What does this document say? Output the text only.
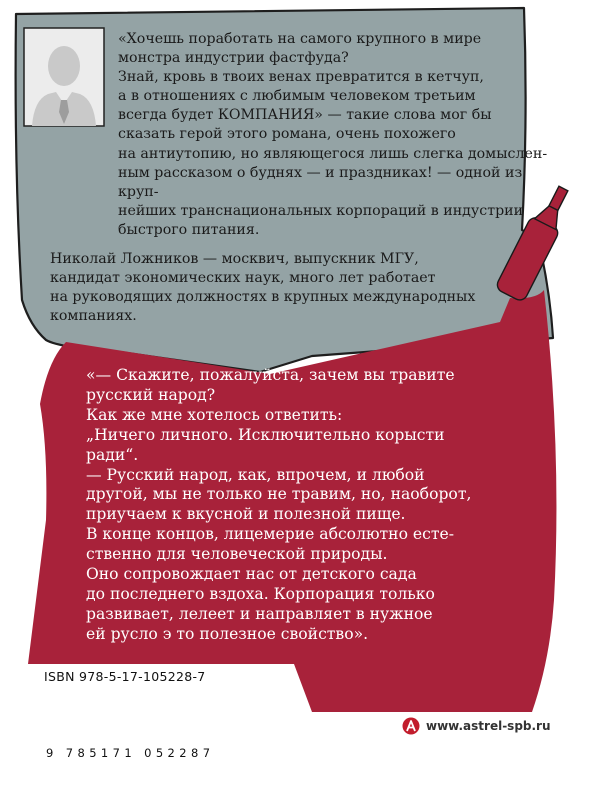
«Хочешь поработать на самого крупного в мире
монстра индустрии фастфуда?
Знай, кровь в твоих венах превратится в кетчуп,
а в отношениях с любимым человеком третьим
всегда будет КОМПАНИЯ» — такие слова мог бы
сказать герой этого романа, очень похожего
на антиутопию, но являющегося лишь слегка домыслен-
ным рассказом о буднях — и праздниках! — одной из круп-
нейших транснациональных корпораций в индустрии
быстрого питания.

Николай Ложников — москвич, выпускник МГУ,
кандидат экономических наук, много лет работает
на руководящих должностях в крупных международных
компаниях.

«— Скажите, пожалуйста, зачем вы травите

русский народ?

Как же мне хотелось ответить:

„Ничего личного. Исключительно корысти

ради“.

— Русский народ, как, впрочем, и любой

другой, мы не только не травим, но, наоборот,

приучаем к вкусной и полезной пище.

В конце концов, лицемерие абсолютно есте-

ственно для человеческой природы.

Оно сопровождает нас от детского сада

до последнего вздоха. Корпорация только

развивает, лелеет и направляет в нужное

ей русло э то полезное свойство».

ISBN 978-5-17-105228-7
9 785171 052287
www.astrel-spb.ru
